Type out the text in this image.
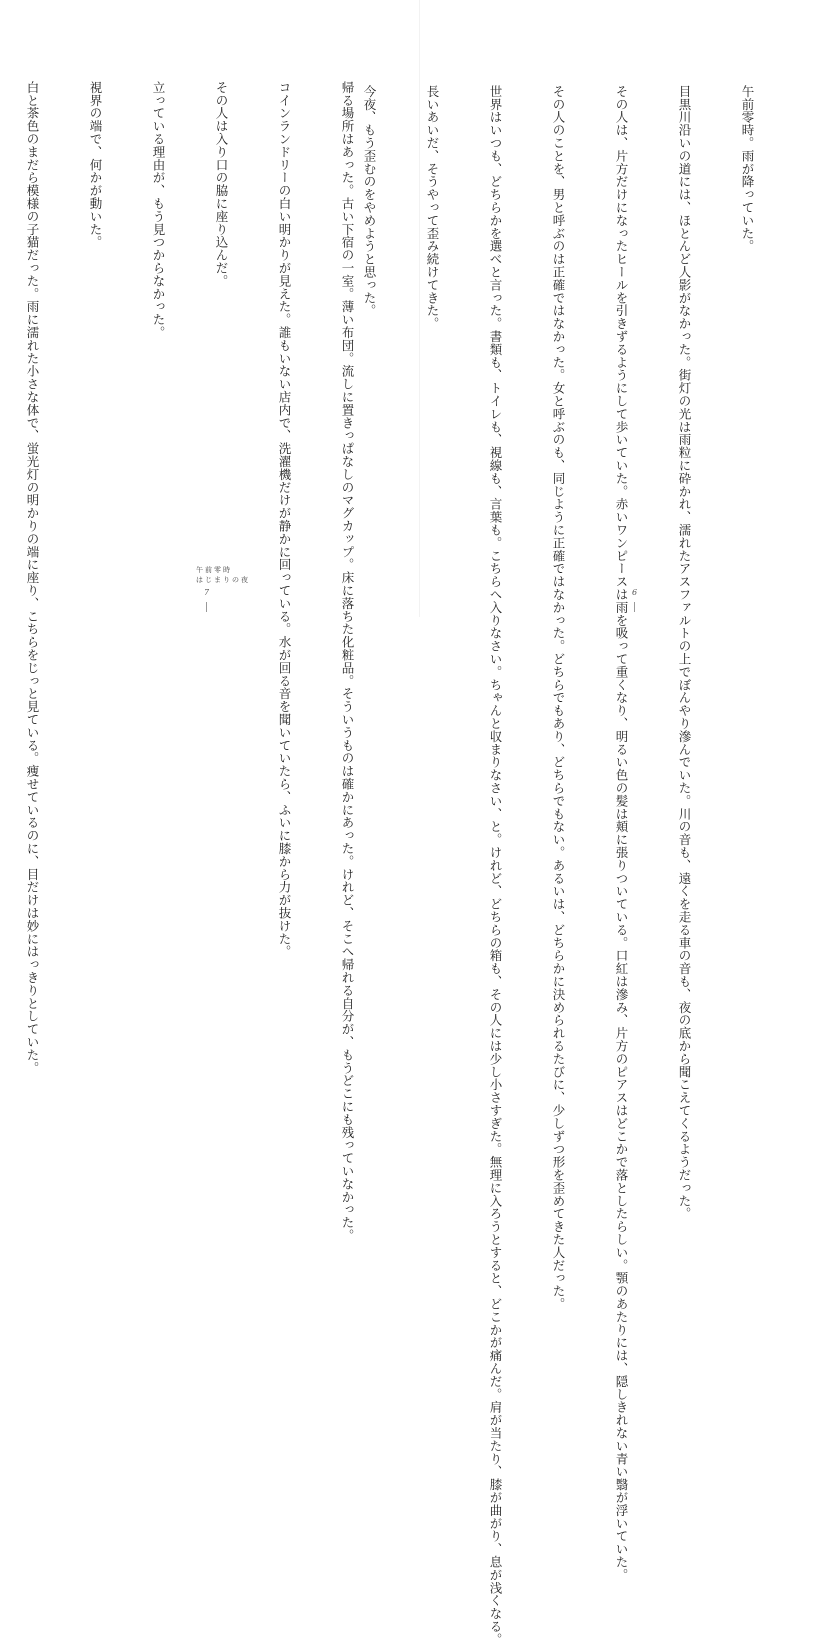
　帰る場所はあった。古い下宿の一室。薄い布団。流しに置きっぱなしのマグカップ。床に落ちた化粧品。そういうものは確かにあった。けれど、そこへ帰れる自分が、もうどこにも残っていなかった。

　コインランドリーの白い明かりが見えた。誰もいない店内で、洗濯機だけが静かに回っている。水が回る音を聞いていたら、ふいに膝から力が抜けた。

　その人は入り口の脇に座り込んだ。

　立っている理由が、もう見つからなかった。

　視界の端で、何かが動いた。

　白と茶色のまだら模様の子猫だった。雨に濡れた小さな体で、蛍光灯の明かりの端に座り、こちらをじっと見ている。痩せているのに、目だけは妙にはっきりとしていた。

	午前零時
はじまりの夜
7

　午前零時。雨が降っていた。

　目黒川沿いの道には、ほとんど人影がなかった。街灯の光は雨粒に砕かれ、濡れたアスファルトの上でぼんやり滲んでいた。川の音も、遠くを走る車の音も、夜の底から聞こえてくるようだった。

　その人は、片方だけになったヒールを引きずるようにして歩いていた。赤いワンピースは雨を吸って重くなり、明るい色の髪は頬に張りついている。口紅は滲み、片方のピアスはどこかで落としたらしい。顎のあたりには、隠しきれない青い翳が浮いていた。

　その人のことを、男と呼ぶのは正確ではなかった。女と呼ぶのも、同じように正確ではなかった。どちらでもあり、どちらでもない。あるいは、どちらかに決められるたびに、少しずつ形を歪めてきた人だった。

　世界はいつも、どちらかを選べと言った。書類も、トイレも、視線も、言葉も。こちらへ入りなさい。ちゃんと収まりなさい、と。けれど、どちらの箱も、その人には少し小さすぎた。無理に入ろうとすると、どこかが痛んだ。肩が当たり、膝が曲がり、息が浅くなる。

　長いあいだ、そうやって歪み続けてきた。

　今夜、もう歪むのをやめようと思った。

6
